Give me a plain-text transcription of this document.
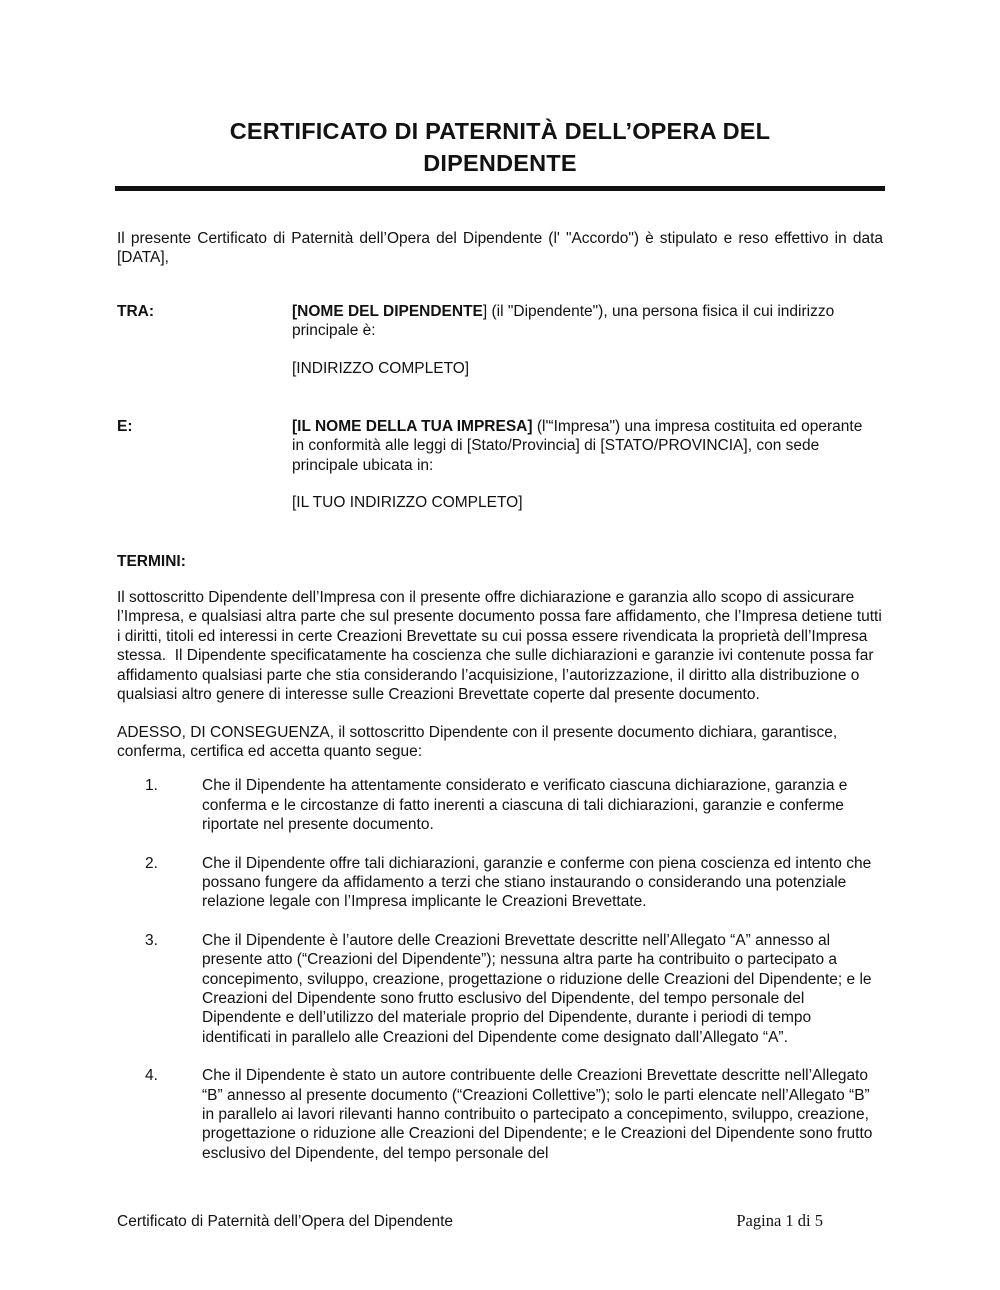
CERTIFICATO DI PATERNITÀ DELL’OPERA DEL
DIPENDENTE

Il presente Certificato di Paternità dell’Opera del Dipendente (l' "Accordo") è stipulato e reso effettivo in data [DATA],

TRA:	[NOME DEL DIPENDENTE] (il "Dipendente"), una persona fisica il cui indirizzo principale è:

[INDIRIZZO COMPLETO]

E:	[IL NOME DELLA TUA IMPRESA] (l'“Impresa") una impresa costituita ed operante in conformità alle leggi di [Stato/Provincia] di [STATO/PROVINCIA], con sede principale ubicata in:

[IL TUO INDIRIZZO COMPLETO]

TERMINI:

Il sottoscritto Dipendente dell’Impresa con il presente offre dichiarazione e garanzia allo scopo di assicurare l’Impresa, e qualsiasi altra parte che sul presente documento possa fare affidamento, che l’Impresa detiene tutti i diritti, titoli ed interessi in certe Creazioni Brevettate su cui possa essere rivendicata la proprietà dell’Impresa stessa.  Il Dipendente specificatamente ha coscienza che sulle dichiarazioni e garanzie ivi contenute possa far affidamento qualsiasi parte che stia considerando l’acquisizione, l’autorizzazione, il diritto alla distribuzione o qualsiasi altro genere di interesse sulle Creazioni Brevettate coperte dal presente documento.

ADESSO, DI CONSEGUENZA, il sottoscritto Dipendente con il presente documento dichiara, garantisce, conferma, certifica ed accetta quanto segue:

1.	Che il Dipendente ha attentamente considerato e verificato ciascuna dichiarazione, garanzia e conferma e le circostanze di fatto inerenti a ciascuna di tali dichiarazioni, garanzie e conferme riportate nel presente documento.
2.	Che il Dipendente offre tali dichiarazioni, garanzie e conferme con piena coscienza ed intento che possano fungere da affidamento a terzi che stiano instaurando o considerando una potenziale relazione legale con l’Impresa implicante le Creazioni Brevettate.
3.	Che il Dipendente è l’autore delle Creazioni Brevettate descritte nell’Allegato “A” annesso al presente atto (“Creazioni del Dipendente”); nessuna altra parte ha contribuito o partecipato a concepimento, sviluppo, creazione, progettazione o riduzione delle Creazioni del Dipendente; e le Creazioni del Dipendente sono frutto esclusivo del Dipendente, del tempo personale del Dipendente e dell’utilizzo del materiale proprio del Dipendente, durante i periodi di tempo identificati in parallelo alle Creazioni del Dipendente come designato dall’Allegato “A”.
4.	Che il Dipendente è stato un autore contribuente delle Creazioni Brevettate descritte nell’Allegato “B” annesso al presente documento (“Creazioni Collettive”); solo le parti elencate nell’Allegato “B” in parallelo ai lavori rilevanti hanno contribuito o partecipato a concepimento, sviluppo, creazione, progettazione o riduzione alle Creazioni del Dipendente; e le Creazioni del Dipendente sono frutto esclusivo del Dipendente, del tempo personale del
Certificato di Paternità dell’Opera del Dipendente	Pagina 1 di 5
